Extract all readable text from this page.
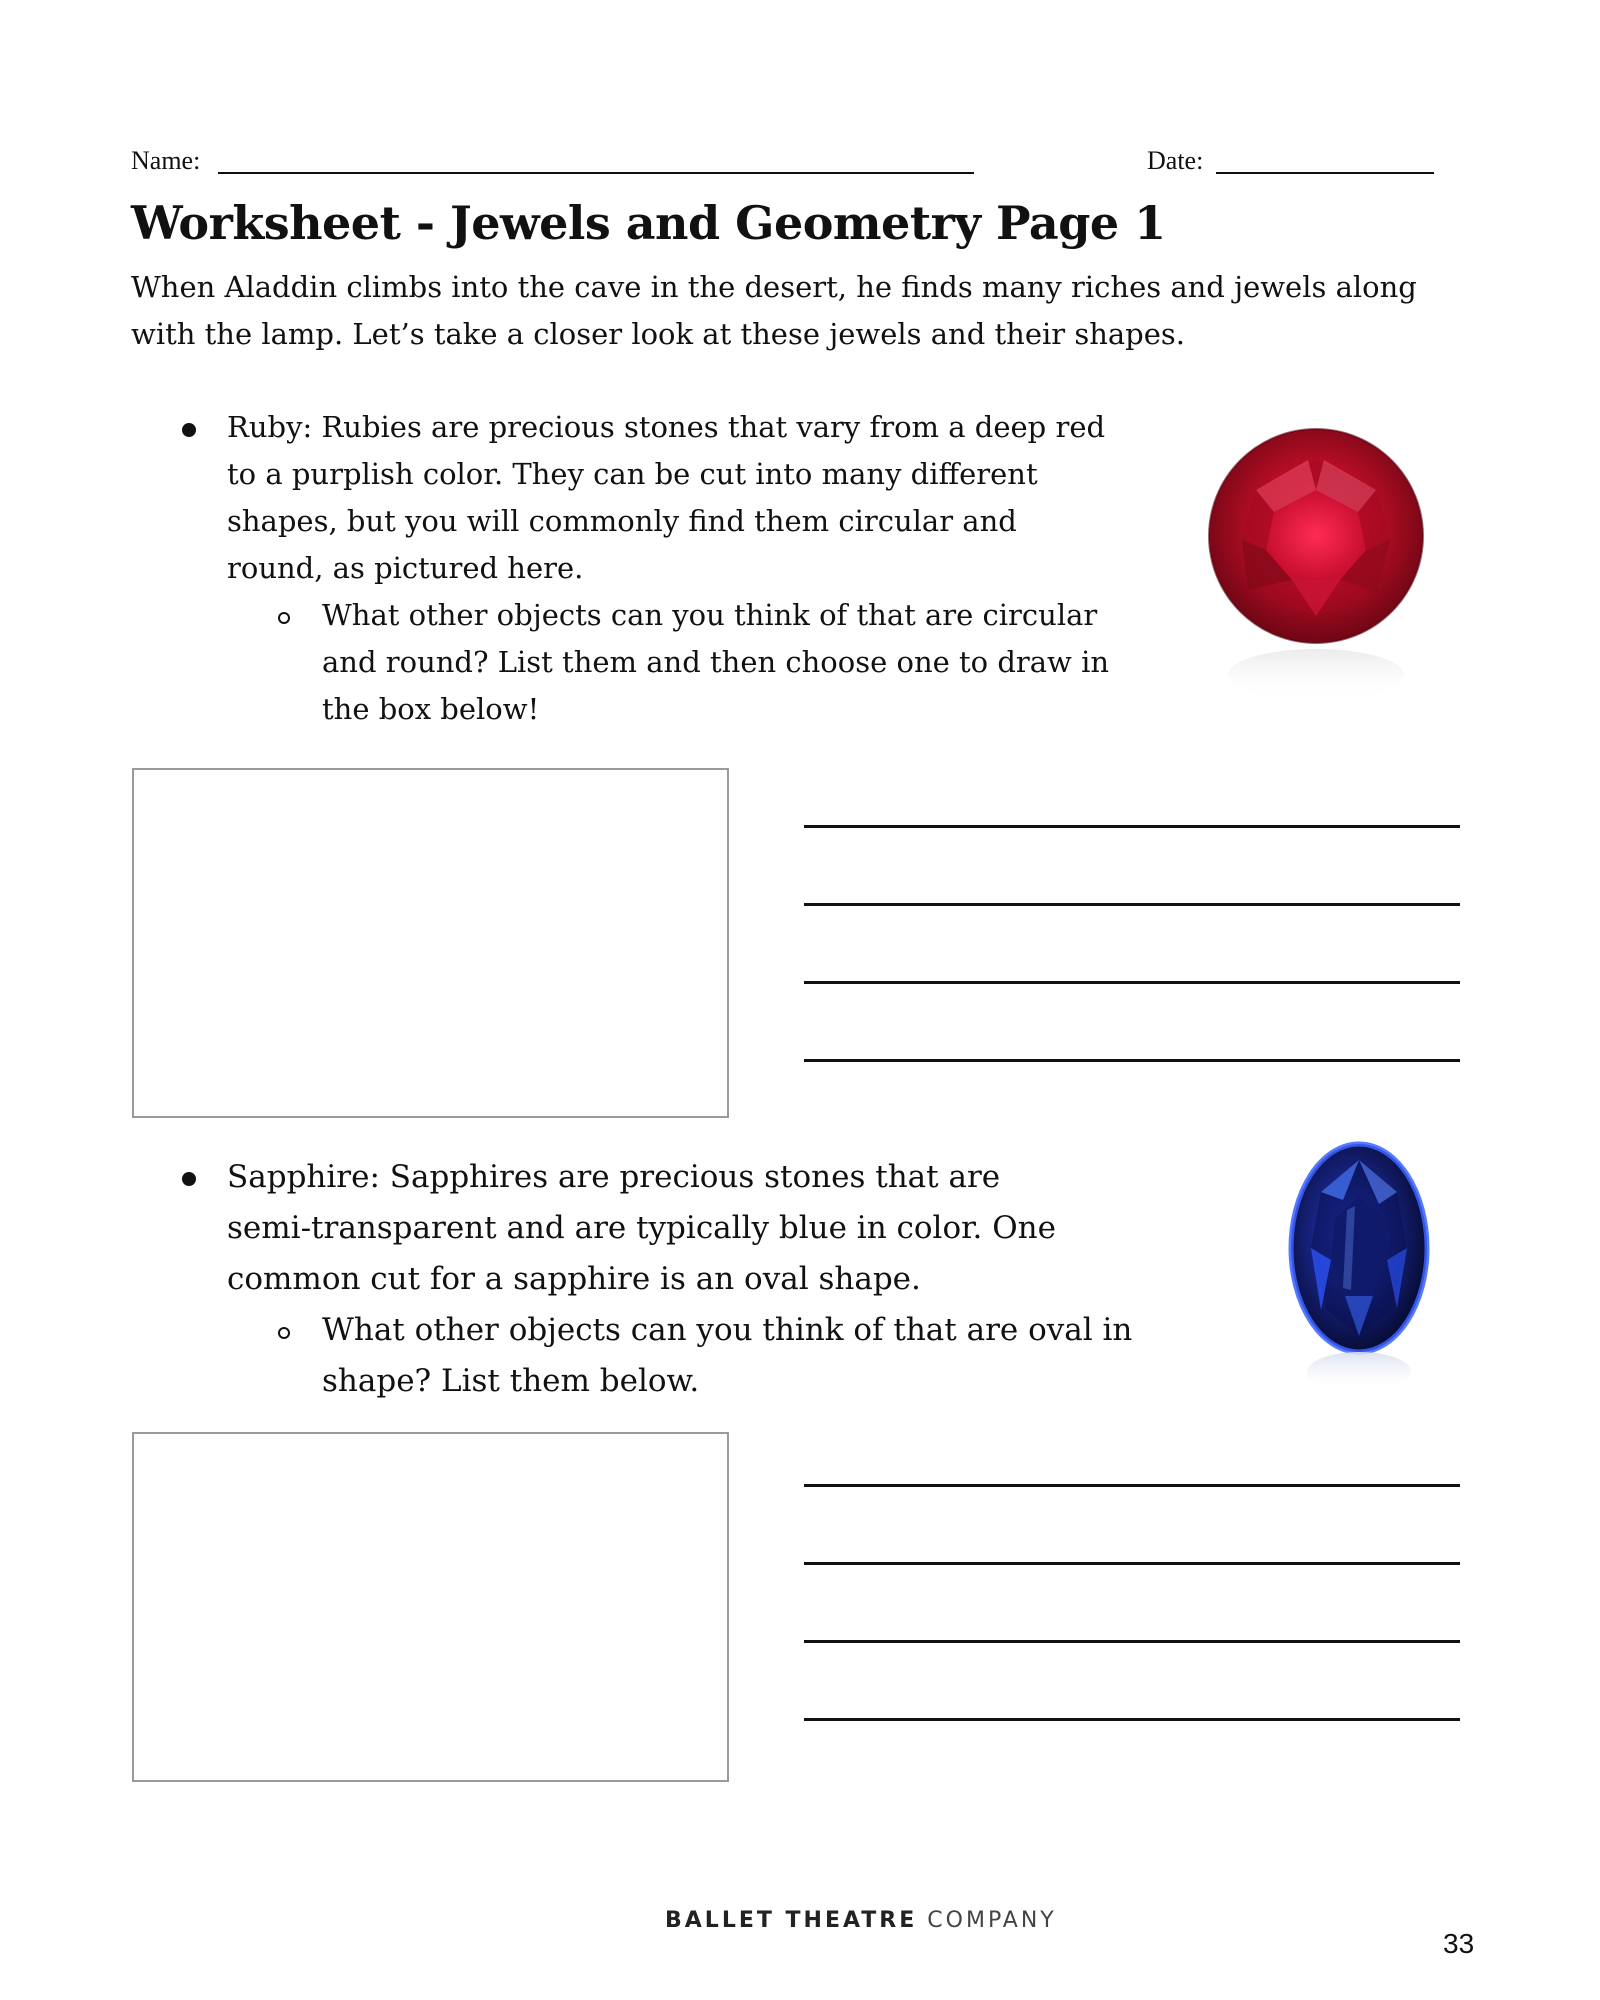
Name:	Date:
Worksheet - Jewels and Geometry Page 1
When Aladdin climbs into the cave in the desert, he finds many riches and jewels along with the lamp. Let’s take a closer look at these jewels and their shapes.
Ruby: Rubies are precious stones that vary from a deep red
to a purplish color. They can be cut into many different
shapes, but you will commonly find them circular and
round, as pictured here.
What other objects can you think of that are circular
and round? List them and then choose one to draw in
the box below!
Sapphire: Sapphires are precious stones that are
semi-transparent and are typically blue in color. One
common cut for a sapphire is an oval shape.
What other objects can you think of that are oval in
shape? List them below.
BALLET THEATRE COMPANY
33
